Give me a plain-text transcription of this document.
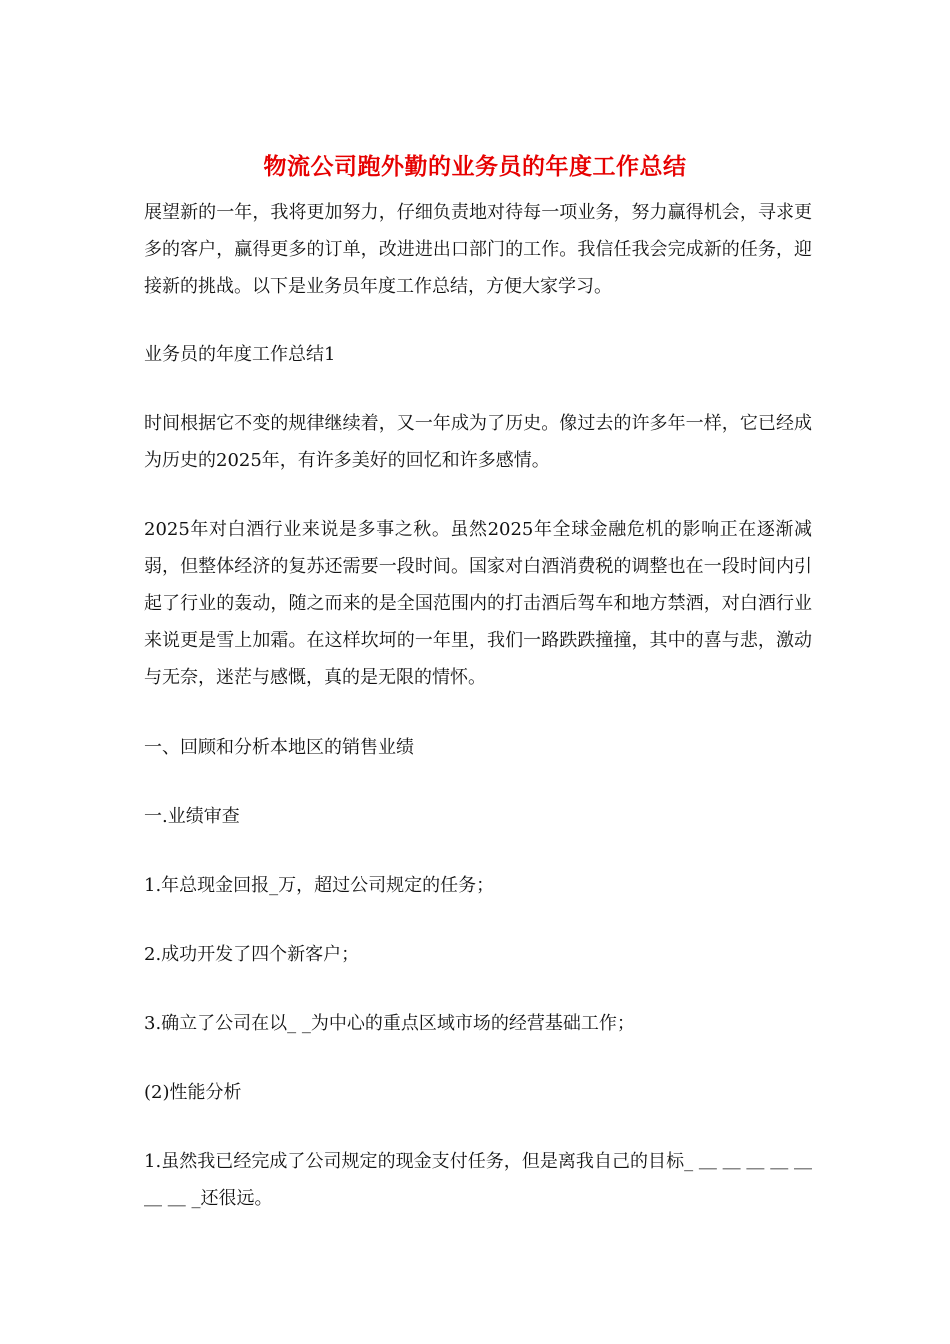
物流公司跑外勤的业务员的年度工作总结

展望新的一年，我将更加努力，仔细负责地对待每一项业务，努力赢得机会，寻求更多的客户，赢得更多的订单，改进进出口部门的工作。我信任我会完成新的任务，迎接新的挑战。以下是业务员年度工作总结，方便大家学习。

业务员的年度工作总结1

时间根据它不变的规律继续着，又一年成为了历史。像过去的许多年一样，它已经成为历史的2025年，有许多美好的回忆和许多感情。

2025年对白酒行业来说是多事之秋。虽然2025年全球金融危机的影响正在逐渐减弱，但整体经济的复苏还需要一段时间。国家对白酒消费税的调整也在一段时间内引起了行业的轰动，随之而来的是全国范围内的打击酒后驾车和地方禁酒，对白酒行业来说更是雪上加霜。在这样坎坷的一年里，我们一路跌跌撞撞，其中的喜与悲，激动与无奈，迷茫与感慨，真的是无限的情怀。

一、回顾和分析本地区的销售业绩

一.业绩审查

1.年总现金回报_万，超过公司规定的任务；

2.成功开发了四个新客户；

3.确立了公司在以_ _为中心的重点区域市场的经营基础工作；

(2)性能分析

1.虽然我已经完成了公司规定的现金支付任务，但是离我自己的目标_ ＿ ＿ ＿ ＿ ＿ ＿ ＿ _还很远。
